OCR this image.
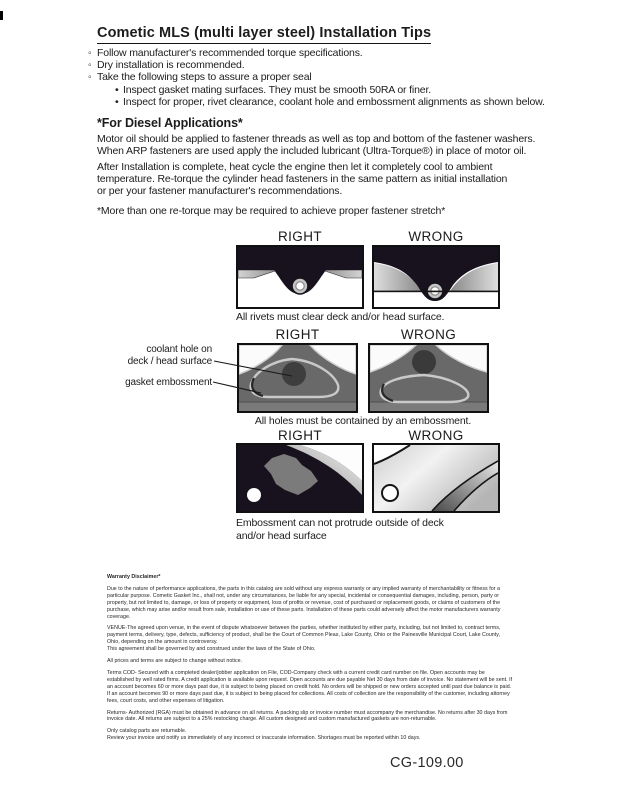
Cometic MLS (multi layer steel) Installation Tips
◦
Follow manufacturer's recommended torque specifications.
◦
Dry installation is recommended.
◦
Take the following steps to assure a proper seal
•
Inspect gasket mating surfaces. They must be smooth 50RA or finer.
•
Inspect for proper, rivet clearance, coolant hole and embossment alignments as shown below.
*For Diesel Applications*
Motor oil should be applied to fastener threads as well as top and bottom of the fastener washers.
When ARP fasteners are used apply the included lubricant (Ultra-Torque®) in place of motor oil.
After Installation is complete, heat cycle the engine then let it completely cool to ambient
temperature. Re-torque the cylinder head fasteners in the same pattern as initial installation
or per your fastener manufacturer's recommendations.
*More than one re-torque may be required to achieve proper fastener stretch*
RIGHT	WRONG
All rivets must clear deck and/or head surface.
RIGHT	WRONG
coolant hole on
deck / head surface
gasket embossment
All holes must be contained by an embossment.
RIGHT	WRONG
Embossment can not protrude outside of deck
and/or head surface

Warranty Disclaimer*

Due to the nature of performance applications, the parts in this catalog are sold without any express warranty or any implied warranty of merchantability or fitness for a particular purpose. Cometic Gasket Inc., shall not, under any circumstances, be liable for any special, incidental or consequential damages, including, person, party or property, but not limited to, damage, or loss of property or equipment, loss of profits or revenue, cost of purchased or replacement goods, or claims of customers of the purchase, which may arise and/or result from sale, installation or use of these parts. Installation of these parts could adversely affect the motor manufacturers warranty coverage.

VENUE-The agreed upon venue, in the event of dispute whatsoever between the parties, whether instituted by either party, including, but not limited to, contract terms, payment terms, delivery, type, defects, sufficiency of product, shall be the Court of Common Pleas, Lake County, Ohio or the Painesville Municipal Court, Lake County, Ohio, depending on the amount in controversy.

This agreement shall be governed by and construed under the laws of the State of Ohio.

All prices and terms are subject to change without notice.

Terms COD- Secured with a completed dealer/jobber application on File, COD-Company check with a current credit card number on file. Open accounts may be established by well rated firms. A credit application is available upon request. Open accounts are due payable Net 30 days from date of invoice. No statement will be sent. If an account becomes 60 or more days past due, it is subject to being placed on credit hold. No orders will be shipped or new orders accepted until past due balance is paid. If an account becomes 90 or more days past due, it is subject to being placed for collections. All costs of collection are the responsibility of the customer, including attorney fees, court costs, and other expenses of litigation.

Returns- Authorized (RGA) must be obtained in advance on all returns. A packing slip or invoice number must accompany the merchandise. No returns after 30 days from invoice date. All returns are subject to a 25% restocking charge. All custom designed and custom manufactured gaskets are non-returnable.

Only catalog parts are returnable.

Review your invoice and notify us immediately of any incorrect or inaccurate information. Shortages must be reported within 10 days.

CG-109.00
